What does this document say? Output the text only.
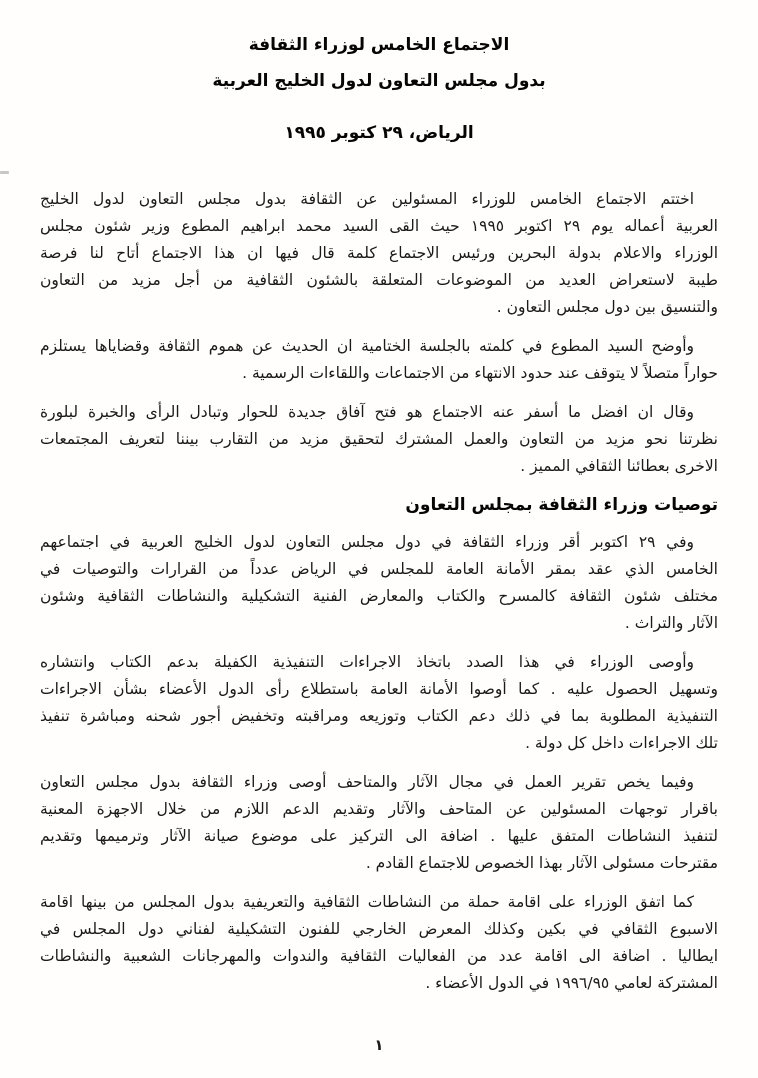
الاجتماع الخامس لوزراء الثقافة
بدول مجلس التعاون لدول الخليج العربية
الرياض، ٢٩ كتوبر ١٩٩٥

اختتم الاجتماع الخامس للوزراء المسئولين عن الثقافة بدول مجلس التعاون لدول الخليج
العربية أعماله يوم ٢٩ اكتوبر ١٩٩٥ حيث القى السيد محمد ابراهيم المطوع وزير شئون مجلس
الوزراء والاعلام بدولة البحرين ورئيس الاجتماع كلمة قال فيها ان هذا الاجتماع أتاح لنا فرصة
طيبة لاستعراض العديد من الموضوعات المتعلقة بالشئون الثقافية من أجل مزيد من التعاون
والتنسيق بين دول مجلس التعاون .

وأوضح السيد المطوع في كلمته بالجلسة الختامية ان الحديث عن هموم الثقافة وقضاياها يستلزم
حواراً متصلاً لا يتوقف عند حدود الانتهاء من الاجتماعات واللقاءات الرسمية .

وقال ان افضل ما أسفر عنه الاجتماع هو فتح آفاق جديدة للحوار وتبادل الرأى والخبرة لبلورة
نظرتنا نحو مزيد من التعاون والعمل المشترك لتحقيق مزيد من التقارب بيننا لتعريف المجتمعات
الاخرى بعطائنا الثقافي المميز .

توصيات وزراء الثقافة بمجلس التعاون

وفي ٢٩ اكتوبر أقر وزراء الثقافة في دول مجلس التعاون لدول الخليج العربية في اجتماعهم
الخامس الذي عقد بمقر الأمانة العامة للمجلس في الرياض عدداً من القرارات والتوصيات في
مختلف شئون الثقافة كالمسرح والكتاب والمعارض الفنية التشكيلية والنشاطات الثقافية وشئون
الآثار والتراث .

وأوصى الوزراء في هذا الصدد باتخاذ الاجراءات التنفيذية الكفيلة بدعم الكتاب وانتشاره
وتسهيل الحصول عليه . كما أوصوا الأمانة العامة باستطلاع رأى الدول الأعضاء بشأن الاجراءات
التنفيذية المطلوبة بما في ذلك دعم الكتاب وتوزيعه ومراقبته وتخفيض أجور شحنه ومباشرة تنفيذ
تلك الاجراءات داخل كل دولة .

وفيما يخص تقرير العمل في مجال الآثار والمتاحف أوصى وزراء الثقافة بدول مجلس التعاون
باقرار توجهات المسئولين عن المتاحف والآثار وتقديم الدعم اللازم من خلال الاجهزة المعنية
لتنفيذ النشاطات المتفق عليها . اضافة الى التركيز على موضوع صيانة الآثار وترميمها وتقديم
مقترحات مسئولى الآثار بهذا الخصوص للاجتماع القادم .

كما اتفق الوزراء على اقامة حملة من النشاطات الثقافية والتعريفية بدول المجلس من بينها اقامة
الاسبوع الثقافي في بكين وكذلك المعرض الخارجي للفنون التشكيلية لفناني دول المجلس في
ايطاليا . اضافة الى اقامة عدد من الفعاليات الثقافية والندوات والمهرجانات الشعبية والنشاطات
المشتركة لعامي ١٩٩٦/٩٥ في الدول الأعضاء .

١
